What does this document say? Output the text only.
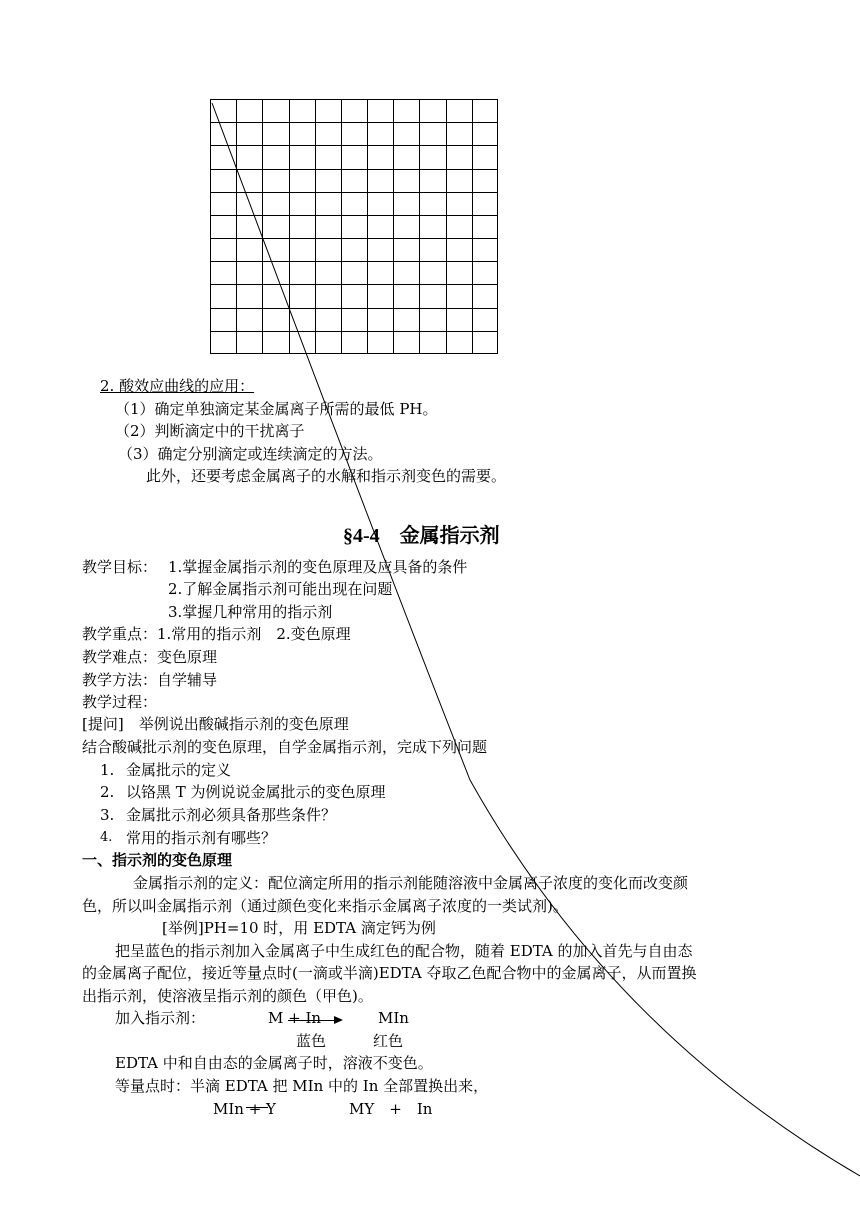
2. 酸效应曲线的应用：
（1）确定单独滴定某金属离子所需的最低 PH。
（2）判断滴定中的干扰离子
（3）确定分别滴定或连续滴定的方法。
此外，还要考虑金属离子的水解和指示剂变色的需要。
§4-4　金属指示剂
教学目标： 1.掌握金属指示剂的变色原理及应具备的条件
2.了解金属指示剂可能出现在问题
3.掌握几种常用的指示剂
教学重点：1.常用的指示剂　2.变色原理
教学难点：变色原理
教学方法：自学辅导
教学过程：
[提问]　举例说出酸碱指示剂的变色原理
结合酸碱批示剂的变色原理，自学金属指示剂，完成下列问题
1. 金属批示的定义
2. 以铬黑 T 为例说说金属批示的变色原理
3. 金属批示剂必须具备那些条件？
4. 常用的指示剂有哪些？
一、指示剂的变色原理
金属指示剂的定义：配位滴定所用的指示剂能随溶液中金属离子浓度的变化而改变颜
色，所以叫金属指示剂（通过颜色变化来指示金属离子浓度的一类试剂)。
[举例]PH=10 时，用 EDTA 滴定钙为例
把呈蓝色的指示剂加入金属离子中生成红色的配合物，随着 EDTA 的加入首先与自由态
的金属离子配位，接近等量点时(一滴或半滴)EDTA 夺取乙色配合物中的金属离子，从而置换
出指示剂，使溶液呈指示剂的颜色（甲色)。
加入指示剂：	M + In	MIn
蓝色	红色
EDTA 中和自由态的金属离子时，溶液不变色。
等量点时：半滴 EDTA 把 MIn 中的 In 全部置换出来，
MIn + Y	MY　+　In
